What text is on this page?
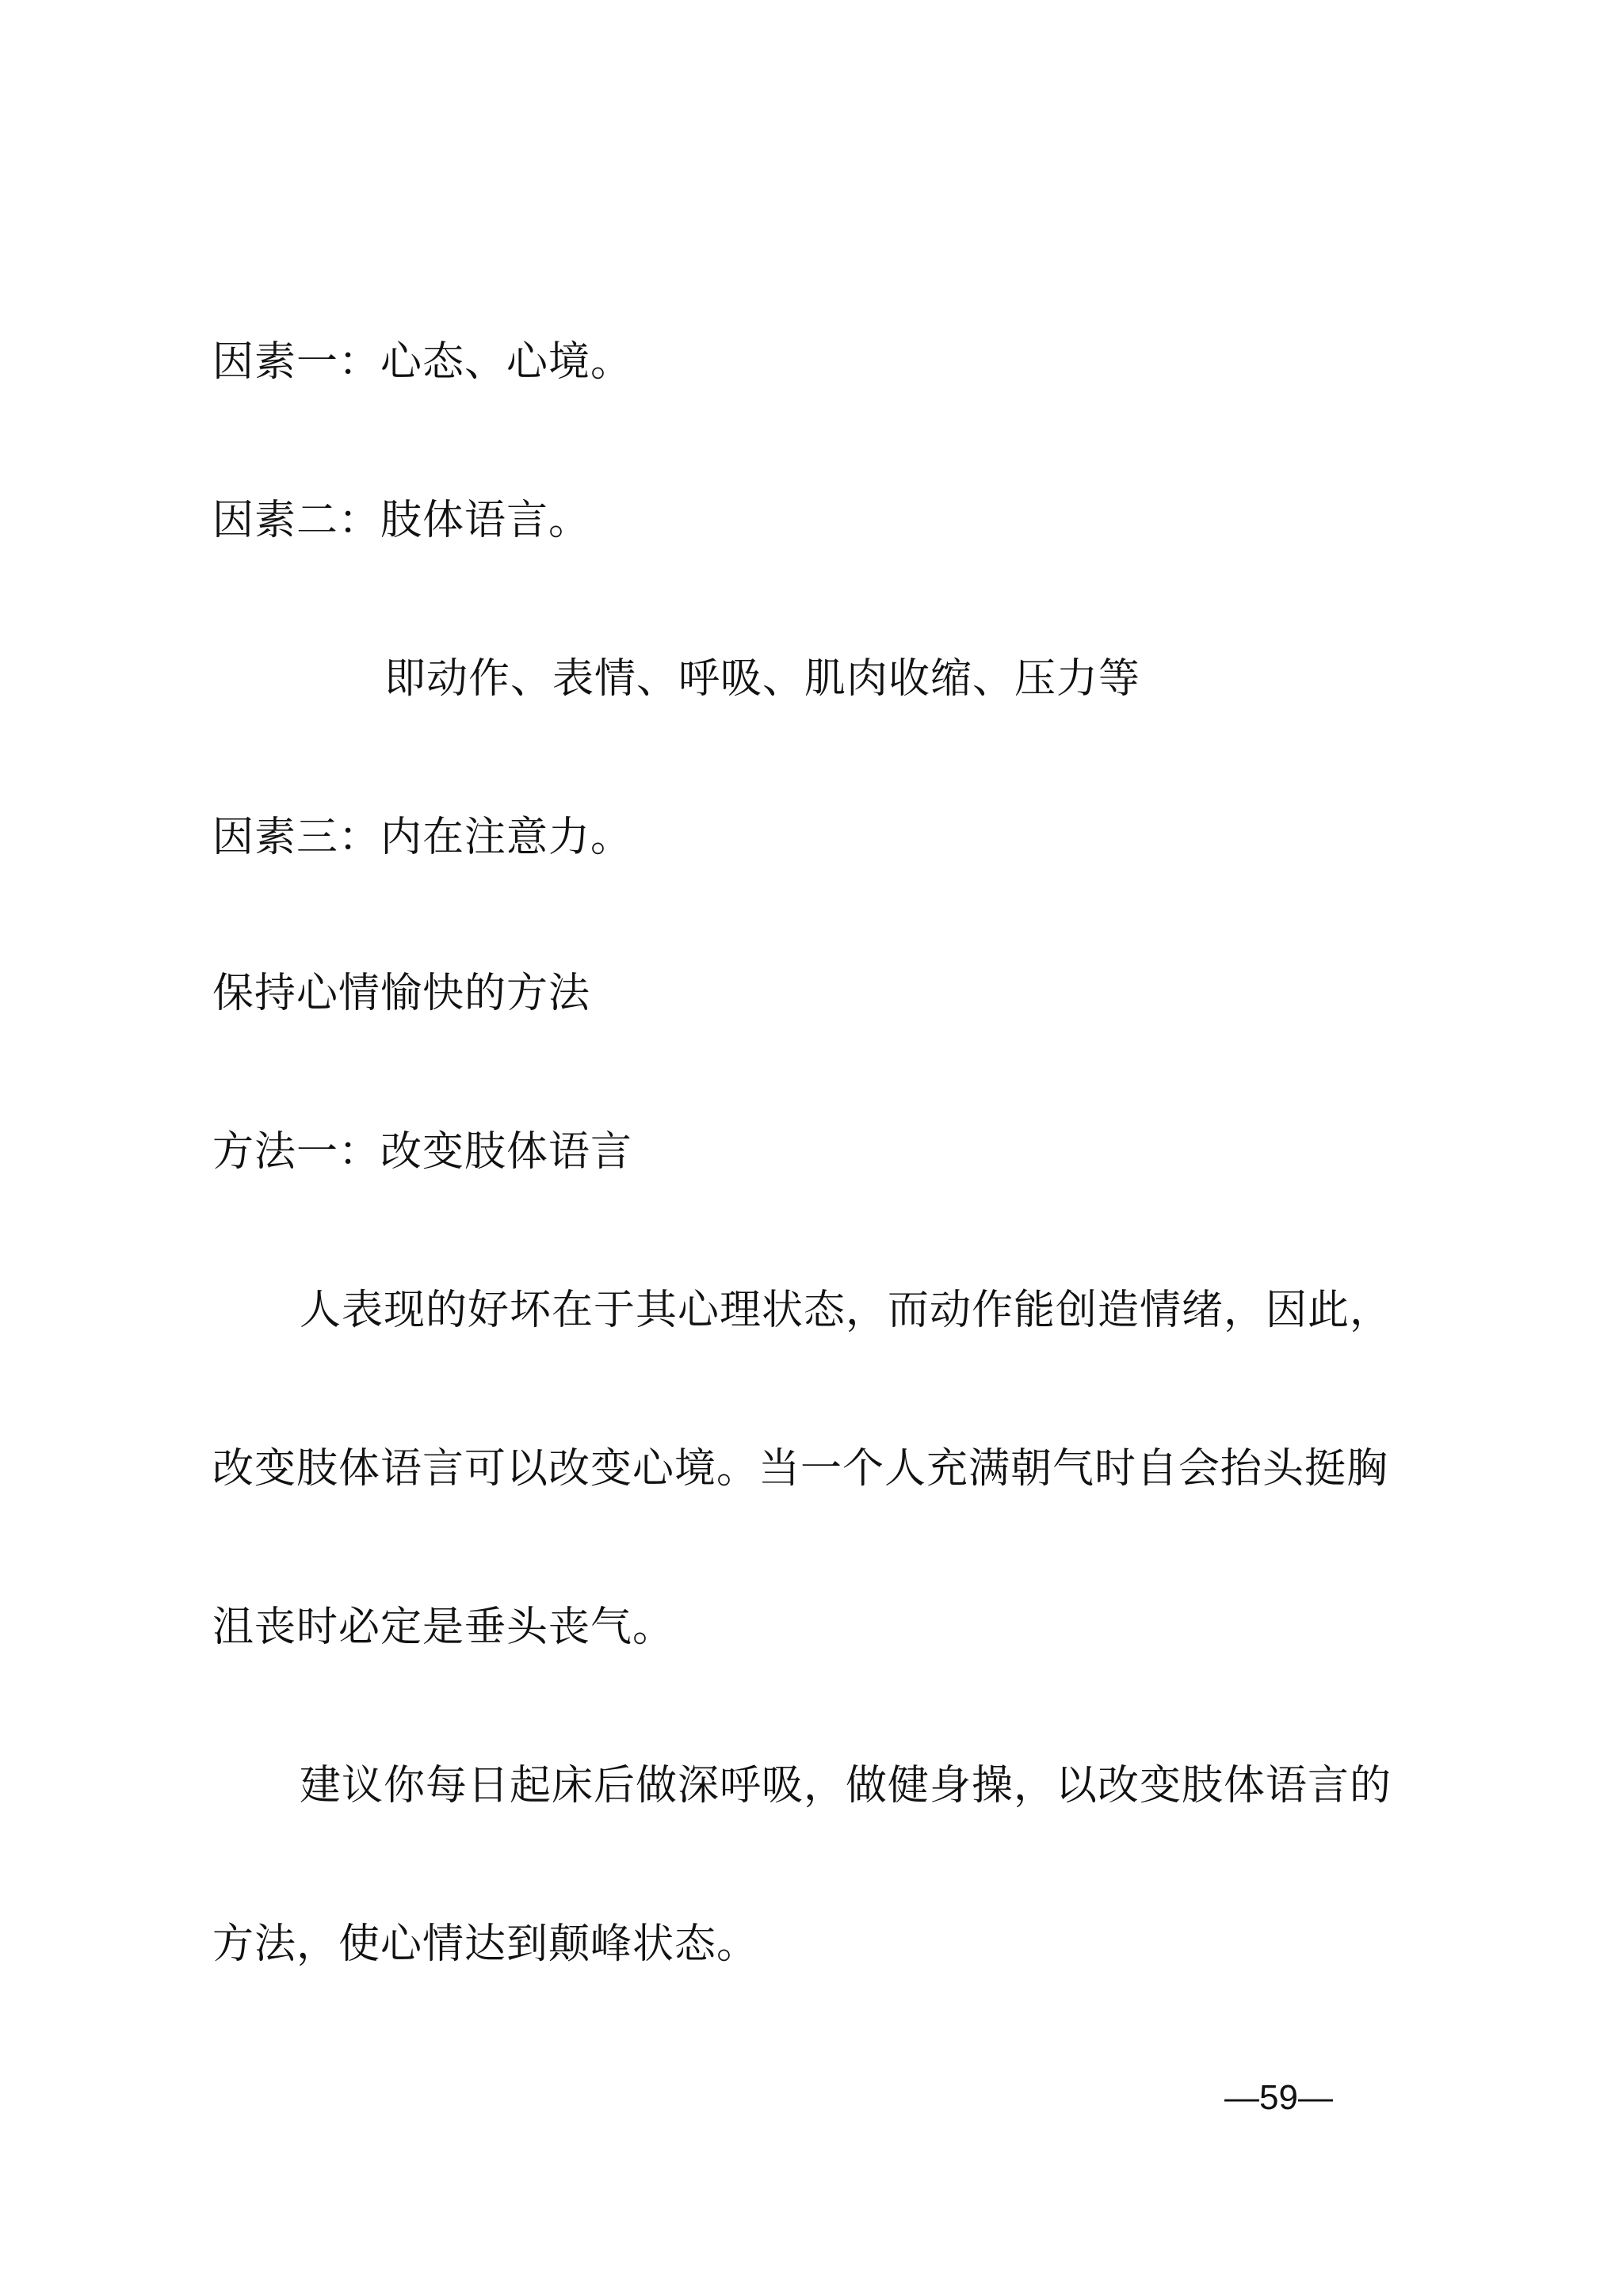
因素一：心态、心境。
因素二：肢体语言。
即动作、表情、呼吸、肌肉收缩、压力等
因素三：内在注意力。
保持心情愉快的方法
方法一：改变肢体语言
人表现的好坏在于其心理状态，而动作能创造情绪，因此，
改变肢体语言可以改变心境。当一个人充满朝气时自会抬头挺胸
沮丧时必定是垂头丧气。
建议你每日起床后做深呼吸，做健身操，以改变肢体语言的
方法，使心情达到颠峰状态。
—59—
